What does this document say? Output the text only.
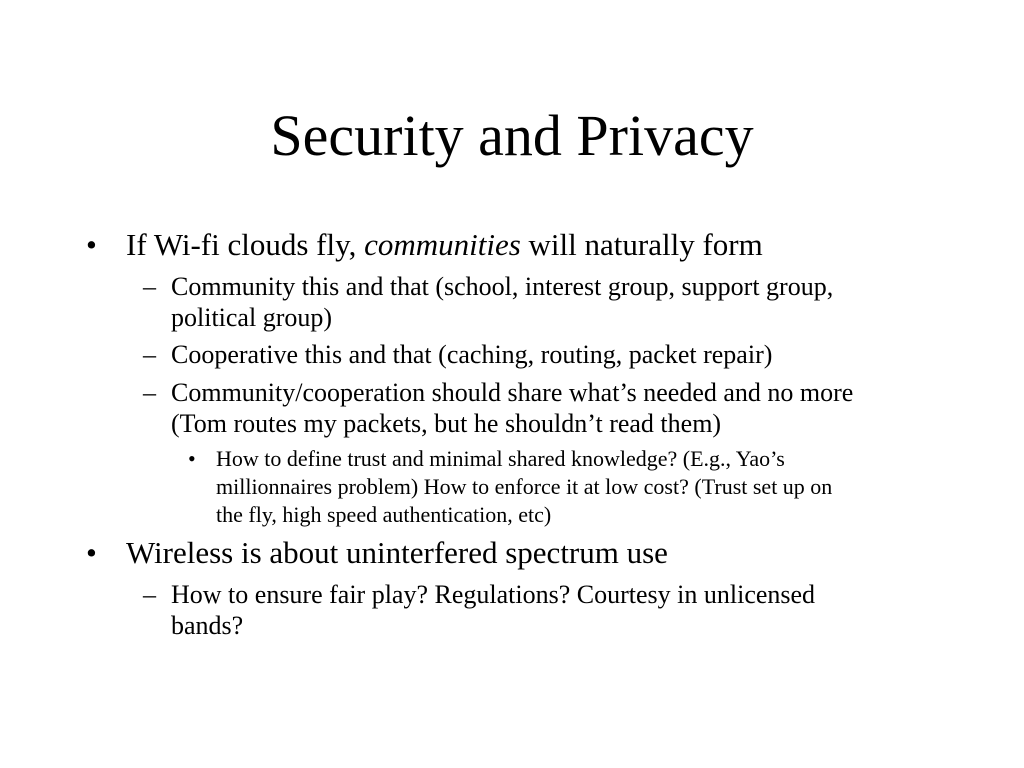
Security and Privacy
• If Wi-fi clouds fly, communities will naturally form
– Community this and that (school, interest group, support group,
political group)
– Cooperative this and that (caching, routing, packet repair)
– Community/cooperation should share what’s needed and no more
(Tom routes my packets, but he shouldn’t read them)
• How to define trust and minimal shared knowledge? (E.g., Yao’s
millionnaires problem) How to enforce it at low cost? (Trust set up on
the fly, high speed authentication, etc)
• Wireless is about uninterfered spectrum use
– How to ensure fair play? Regulations? Courtesy in unlicensed
bands?
